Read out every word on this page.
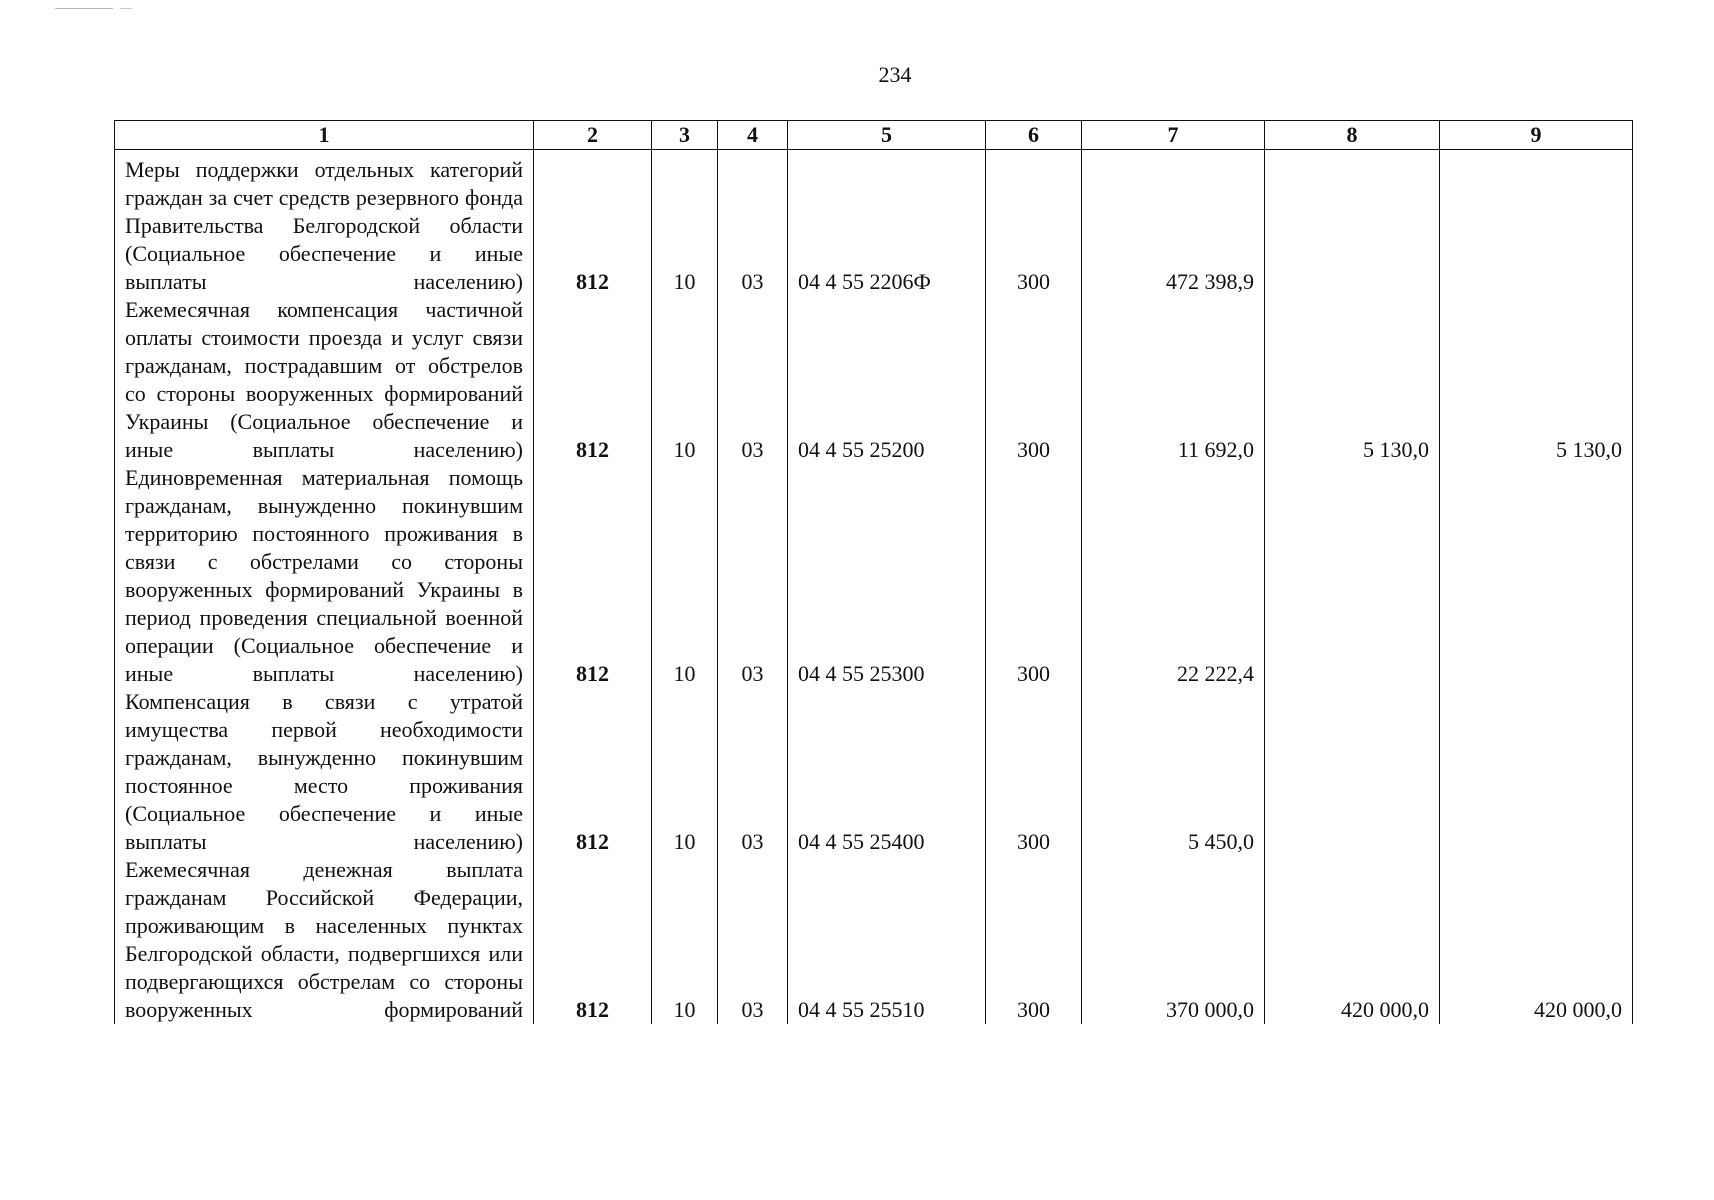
234
1	2	3	4	5	6	7	8	9

Меры поддержки отдельных категорий граждан за счет средств резервного фонда Правительства Белгородской области (Социальное обеспечение и иные выплаты населению)	812	10	03	04 4 55 2206Ф	300	472 398,9		

Ежемесячная компенсация частичной оплаты стоимости проезда и услуг связи гражданам, пострадавшим от обстрелов со стороны вооруженных формирований Украины (Социальное обеспечение и иные выплаты населению)	812	10	03	04 4 55 25200	300	11 692,0	5 130,0	5 130,0

Единовременная материальная помощь гражданам, вынужденно покинувшим территорию постоянного проживания в связи с обстрелами со стороны вооруженных формирований Украины в период проведения специальной военной операции (Социальное обеспечение и иные выплаты населению)	812	10	03	04 4 55 25300	300	22 222,4		

Компенсация в связи с утратой имущества первой необходимости гражданам, вынужденно покинувшим постоянное место проживания (Социальное обеспечение и иные выплаты населению)	812	10	03	04 4 55 25400	300	5 450,0		

Ежемесячная денежная выплата гражданам Российской Федерации, проживающим в населенных пунктах Белгородской области, подвергшихся или подвергающихся обстрелам со стороны вооруженных формирований	812	10	03	04 4 55 25510	300	370 000,0	420 000,0	420 000,0
